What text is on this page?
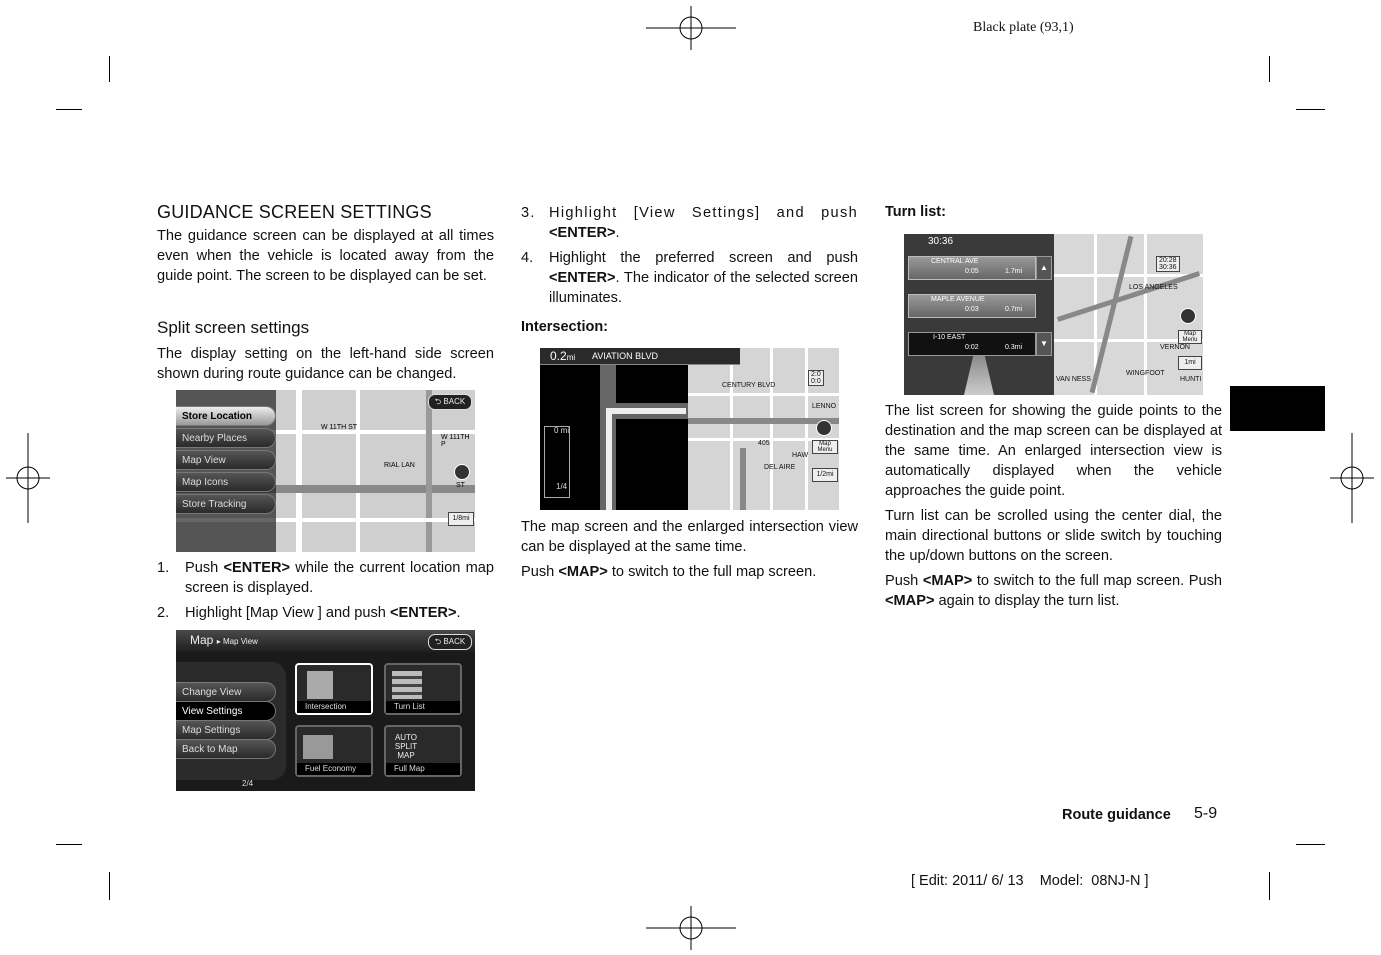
Black plate (93,1)
GUIDANCE SCREEN SETTINGS

The guidance screen can be displayed at all times even when the vehicle is located away from the guide point. The screen to be displayed can be set.

Split screen settings

The display setting on the left-hand side screen shown during route guidance can be changed.

Store Location
Nearby Places
Map View
Map Icons
Store Tracking
⮌ BACK
W 11TH ST
W 111TH P
RIAL LAN
ST
1/8mi
1. Push <ENTER> while the current location map screen is displayed.
2. Highlight [Map View ] and push <ENTER>.
Map ▸ Map View	⮌ BACK
Change View
View Settings
Map Settings
Back to Map
2/4
Intersection	Turn List
Fuel Economy
AUTO SPLIT MAP
Full Map
3. Highlight [View Settings] and push <ENTER>.
4. Highlight the preferred screen and push <ENTER>. The indicator of the selected screen illuminates.
Intersection:
0.2mi AVIATION BLVD
0 mi
1/4
CENTURY BLVD
LENNO
405
DEL AIRE
HAW
2:0
0:0
Map Menu
1/2mi

The map screen and the enlarged intersection view can be displayed at the same time.

Push <MAP> to switch to the full map screen.

Turn list:
30:36
CENTRAL AVE
0:05	1.7mi
MAPLE AVENUE
0:03	0.7mi
I-10 EAST
0:02	0.3mi
▲
▼
20:28
30:36
LOS ANGELES
VERNON
VAN NESS
WINGFOOT
HUNTI
Map Menu
1mi

The list screen for showing the guide points to the destination and the map screen can be displayed at the same time. An enlarged intersection view is automatically displayed when the vehicle approaches the guide point.

Turn list can be scrolled using the center dial, the main directional buttons or slide switch by touching the up/down buttons on the screen.

Push <MAP> to switch to the full map screen. Push <MAP> again to display the turn list.

Route guidance 5-9
[ Edit: 2011/ 6/ 13    Model:  08NJ-N ]
